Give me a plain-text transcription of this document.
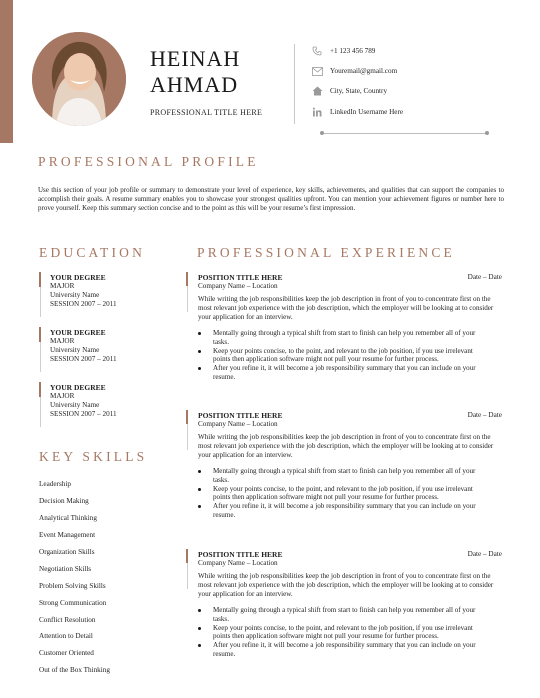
HEINAH
AHMAD
PROFESSIONAL TITLE HERE
+1 123 456 789
Youremail@gmail.com
City, State, Country
LinkedIn Username Here
PROFESSIONAL PROFILE
Use this section of your job profile or summary to demonstrate your level of experience, key skills, achievements, and qualities that can support the companies to accomplish their goals. A resume summary enables you to showcase your strongest qualities upfront. You can mention your achievement figures or number here to prove yourself. Keep this summary section concise and to the point as this will be your resume’s first impression.
EDUCATION
YOUR DEGREE
MAJOR
University Name
SESSION 2007 – 2011
YOUR DEGREE
MAJOR
University Name
SESSION 2007 – 2011
YOUR DEGREE
MAJOR
University Name
SESSION 2007 – 2011
KEY SKILLS
Leadership
Decision Making
Analytical Thinking
Event Management
Organization Skills
Negotiation Skills
Problem Solving Skills
Strong Communication
Conflict Resolution
Attention to Detail
Customer Oriented
Out of the Box Thinking
PROFESSIONAL EXPERIENCE
POSITION TITLE HERE	Date – Date
Company Name – Location
While writing the job responsibilities keep the job description in front of you to concentrate first on the most relevant job experience with the job description, which the employer will be looking at to consider your application for an interview.
Mentally going through a typical shift from start to finish can help you remember all of your tasks.
Keep your points concise, to the point, and relevant to the job position, if you use irrelevant points then application software might not pull your resume for further process.
After you refine it, it will become a job responsibility summary that you can include on your resume.
POSITION TITLE HERE	Date – Date
Company Name – Location
While writing the job responsibilities keep the job description in front of you to concentrate first on the most relevant job experience with the job description, which the employer will be looking at to consider your application for an interview.
Mentally going through a typical shift from start to finish can help you remember all of your tasks.
Keep your points concise, to the point, and relevant to the job position, if you use irrelevant points then application software might not pull your resume for further process.
After you refine it, it will become a job responsibility summary that you can include on your resume.
POSITION TITLE HERE	Date – Date
Company Name – Location
While writing the job responsibilities keep the job description in front of you to concentrate first on the most relevant job experience with the job description, which the employer will be looking at to consider your application for an interview.
Mentally going through a typical shift from start to finish can help you remember all of your tasks.
Keep your points concise, to the point, and relevant to the job position, if you use irrelevant points then application software might not pull your resume for further process.
After you refine it, it will become a job responsibility summary that you can include on your resume.
